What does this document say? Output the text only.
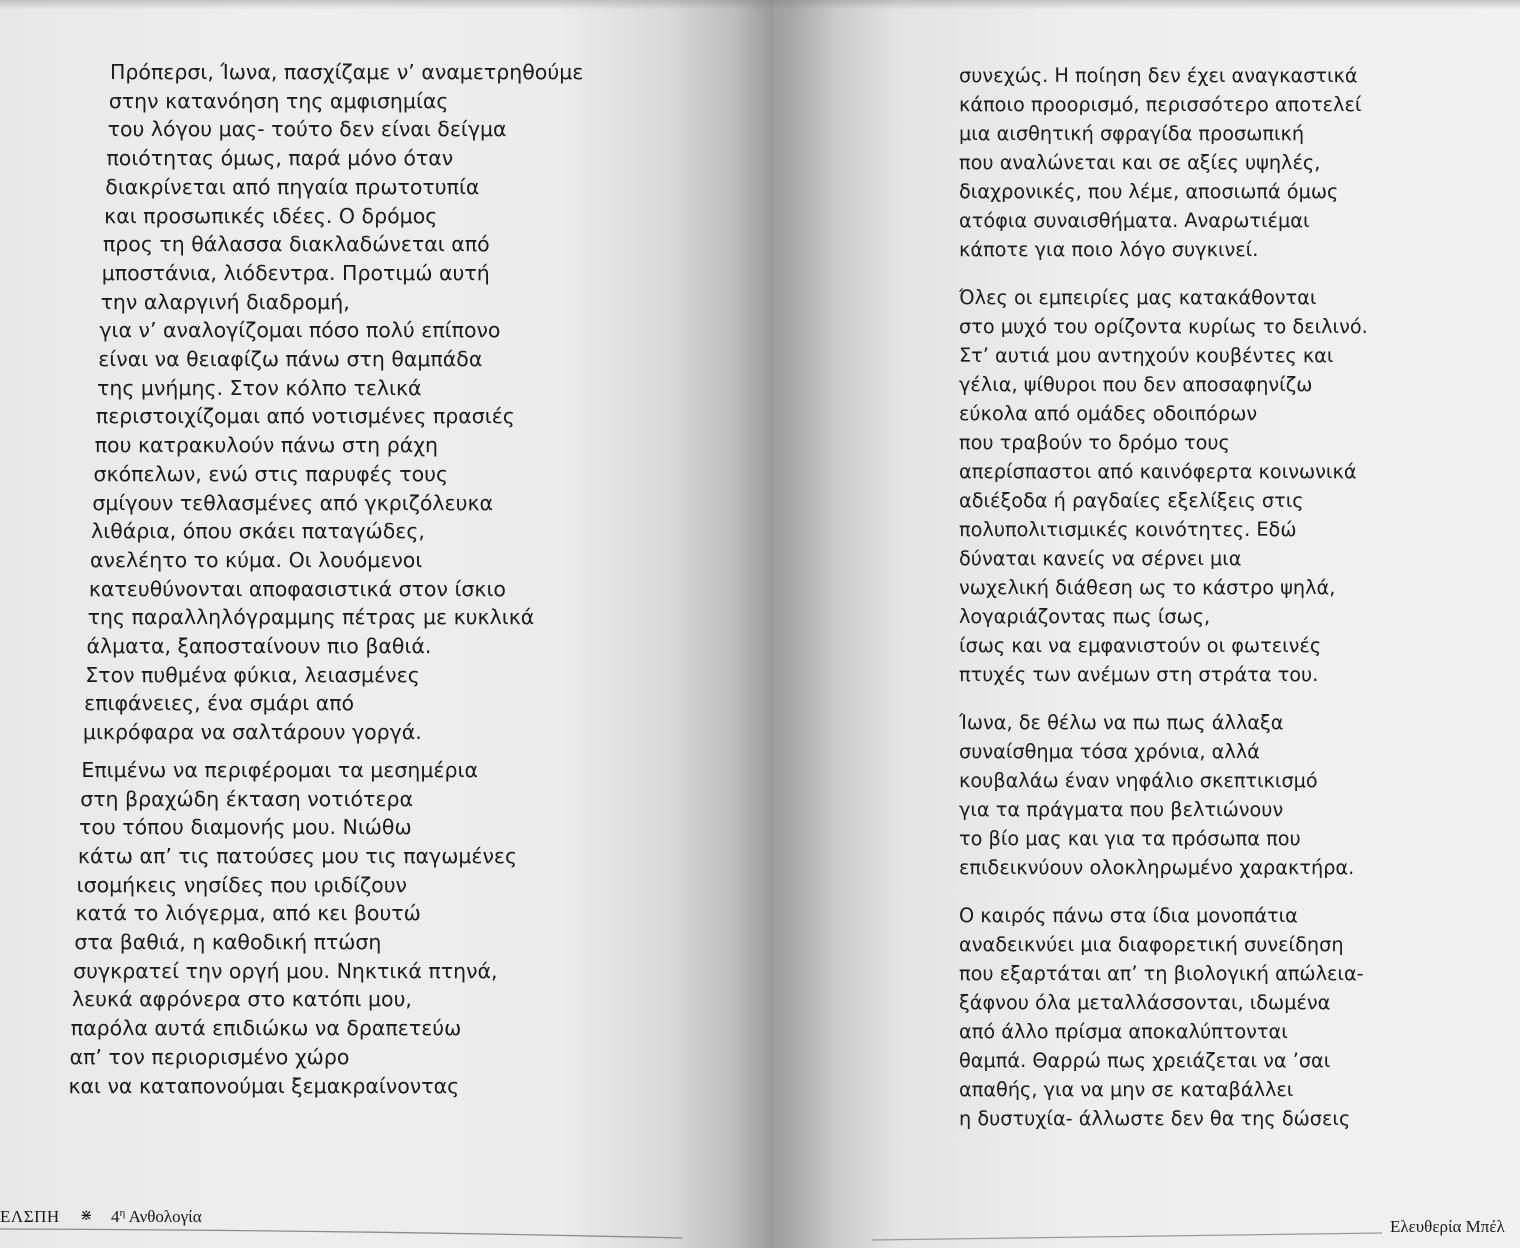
Πρόπερσι, Ίωνα, πασχίζαμε ν’ αναμετρηθούμε
στην κατανόηση της αμφισημίας
του λόγου μας- τούτο δεν είναι δείγμα
ποιότητας όμως, παρά μόνο όταν
διακρίνεται από πηγαία πρωτοτυπία
και προσωπικές ιδέες. Ο δρόμος
προς τη θάλασσα διακλαδώνεται από
μποστάνια, λιόδεντρα. Προτιμώ αυτή
την αλαργινή διαδρομή,
για ν’ αναλογίζομαι πόσο πολύ επίπονο
είναι να θειαφίζω πάνω στη θαμπάδα
της μνήμης. Στον κόλπο τελικά
περιστοιχίζομαι από νοτισμένες πρασιές
που κατρακυλούν πάνω στη ράχη
σκόπελων, ενώ στις παρυφές τους
σμίγουν τεθλασμένες από γκριζόλευκα
λιθάρια, όπου σκάει παταγώδες,
ανελέητο το κύμα. Οι λουόμενοι
κατευθύνονται αποφασιστικά στον ίσκιο
της παραλληλόγραμμης πέτρας με κυκλικά
άλματα, ξαποσταίνουν πιο βαθιά.
Στον πυθμένα φύκια, λειασμένες
επιφάνειες, ένα σμάρι από
μικρόφαρα να σαλτάρουν γοργά.
Επιμένω να περιφέρομαι τα μεσημέρια
στη βραχώδη έκταση νοτιότερα
του τόπου διαμονής μου. Νιώθω
κάτω απ’ τις πατούσες μου τις παγωμένες
ισομήκεις νησίδες που ιριδίζουν
κατά το λιόγερμα, από κει βουτώ
στα βαθιά, η καθοδική πτώση
συγκρατεί την οργή μου. Νηκτικά πτηνά,
λευκά αφρόνερα στο κατόπι μου,
παρόλα αυτά επιδιώκω να δραπετεύω
απ’ τον περιορισμένο χώρο
και να καταπονούμαι ξεμακραίνοντας
ΕΛΣΠΗ ⋇ $4^\eta$ Ανθολογία
συνεχώς. Η ποίηση δεν έχει αναγκαστικά
κάποιο προορισμό, περισσότερο αποτελεί
μια αισθητική σφραγίδα προσωπική
που αναλώνεται και σε αξίες υψηλές,
διαχρονικές, που λέμε, αποσιωπά όμως
ατόφια συναισθήματα. Αναρωτιέμαι
κάποτε για ποιο λόγο συγκινεί.
Όλες οι εμπειρίες μας κατακάθονται
στο μυχό του ορίζοντα κυρίως το δειλινό.
Στ’ αυτιά μου αντηχούν κουβέντες και
γέλια, ψίθυροι που δεν αποσαφηνίζω
εύκολα από ομάδες οδοιπόρων
που τραβούν το δρόμο τους
απερίσπαστοι από καινόφερτα κοινωνικά
αδιέξοδα ή ραγδαίες εξελίξεις στις
πολυπολιτισμικές κοινότητες. Εδώ
δύναται κανείς να σέρνει μια
νωχελική διάθεση ως το κάστρο ψηλά,
λογαριάζοντας πως ίσως,
ίσως και να εμφανιστούν οι φωτεινές
πτυχές των ανέμων στη στράτα του.
Ίωνα, δε θέλω να πω πως άλλαξα
συναίσθημα τόσα χρόνια, αλλά
κουβαλάω έναν νηφάλιο σκεπτικισμό
για τα πράγματα που βελτιώνουν
το βίο μας και για τα πρόσωπα που
επιδεικνύουν ολοκληρωμένο χαρακτήρα.
Ο καιρός πάνω στα ίδια μονοπάτια
αναδεικνύει μια διαφορετική συνείδηση
που εξαρτάται απ’ τη βιολογική απώλεια-
ξάφνου όλα μεταλλάσσονται, ιδωμένα
από άλλο πρίσμα αποκαλύπτονται
θαμπά. Θαρρώ πως χρειάζεται να ’σαι
απαθής, για να μην σε καταβάλλει
η δυστυχία- άλλωστε δεν θα της δώσεις
Ελευθερία Μπέλ
